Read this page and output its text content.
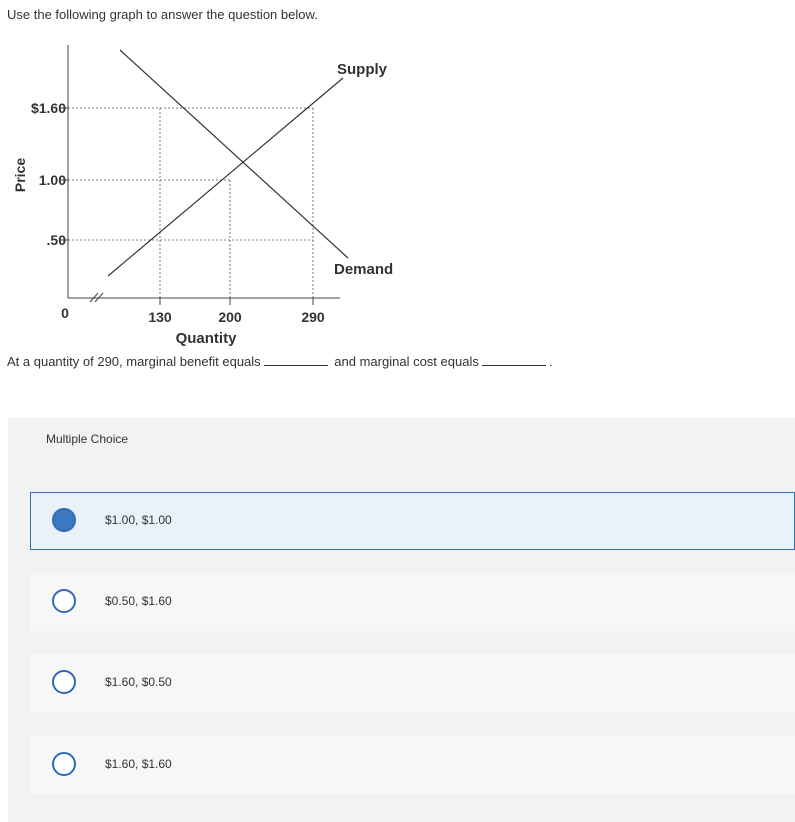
Use the following graph to answer the question below.
Supply
Demand
$1.60
1.00
.50
0	130	200	290
Quantity
Price
At a quantity of 290, marginal benefit equals	and marginal cost equals	.
Multiple Choice
$1.00, $1.00
$0.50, $1.60
$1.60, $0.50
$1.60, $1.60
